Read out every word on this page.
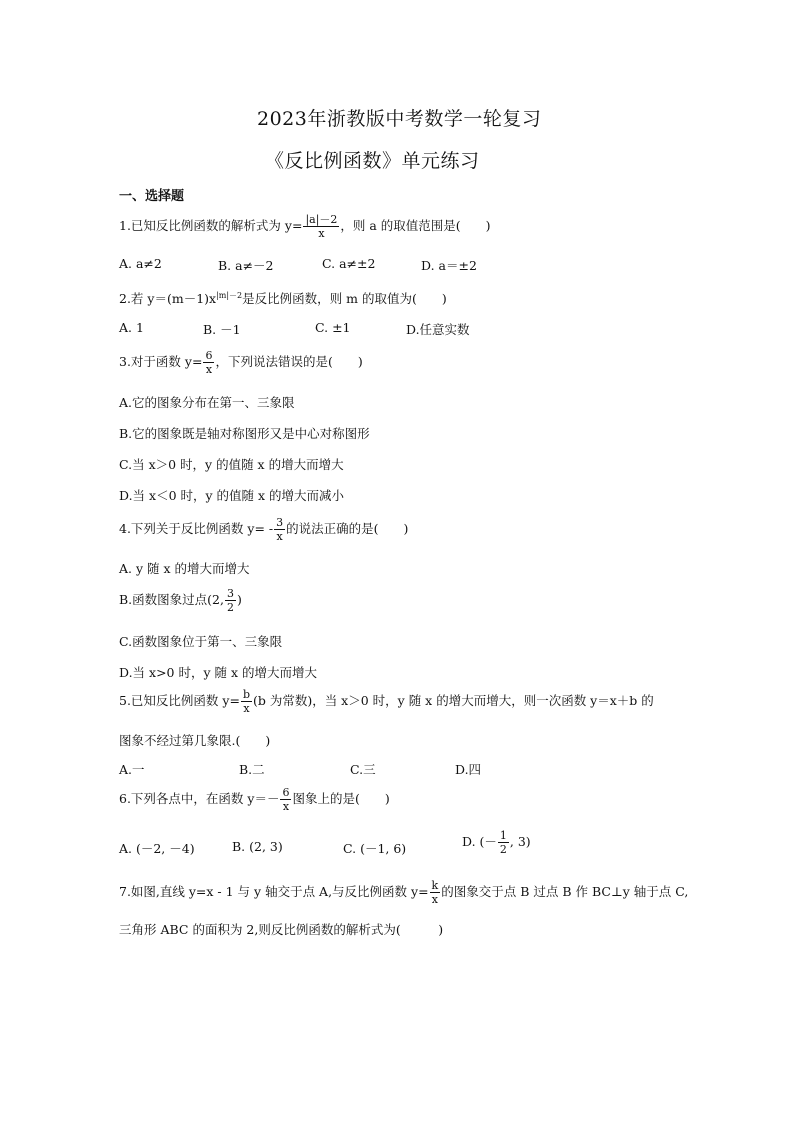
2023年浙教版中考数学一轮复习
《反比例函数》单元练习
一、选择题
1.已知反比例函数的解析式为 $y= \frac{|a|-2}{x}$ ，则 a 的取值范围是(　　)
A. a≠2	B. a≠－2	C. a≠±2	D. a＝±2
2.若 $y=(m-1)x^{|m|-2}$是反比例函数，则 m 的取值为(　　)
A. 1	B. －1	C. ±1	D.任意实数
3.对于函数 $y= \frac{6}{x}$ ，下列说法错误的是(　　)
A.它的图象分布在第一、三象限
B.它的图象既是轴对称图形又是中心对称图形
C.当 x＞0 时，y 的值随 x 的增大而增大
D.当 x＜0 时，y 的值随 x 的增大而减小
4.下列关于反比例函数 $y= - \frac{3}{x}$ 的说法正确的是(　　)
A. y 随 x 的增大而增大
B.函数图象过点(2, $\frac{3}{2}$ )
C.函数图象位于第一、三象限
D.当 x>0 时，y 随 x 的增大而增大
5.已知反比例函数 $y= \frac{b}{x} (b$ 为常数)，当 x＞0 时，y 随 x 的增大而增大，则一次函数 y＝x＋b 的
图象不经过第几象限.(　　)
A.一	B.二	C.三	D.四
6.下列各点中，在函数 $y=- \frac{6}{x}$ 图象上的是(　　)
A. (－2, －4)	B. (2, 3)	C. (－1, 6)	D. (－ $\frac{1}{2}$ , 3)
7.如图,直线 y=x - 1 与 y 轴交于点 A,与反比例函数 $y= \frac{k}{x}$ 的图象交于点 B 过点 B 作 BC⊥y 轴于点 C,
三角形 ABC 的面积为 2,则反比例函数的解析式为(　　　)
